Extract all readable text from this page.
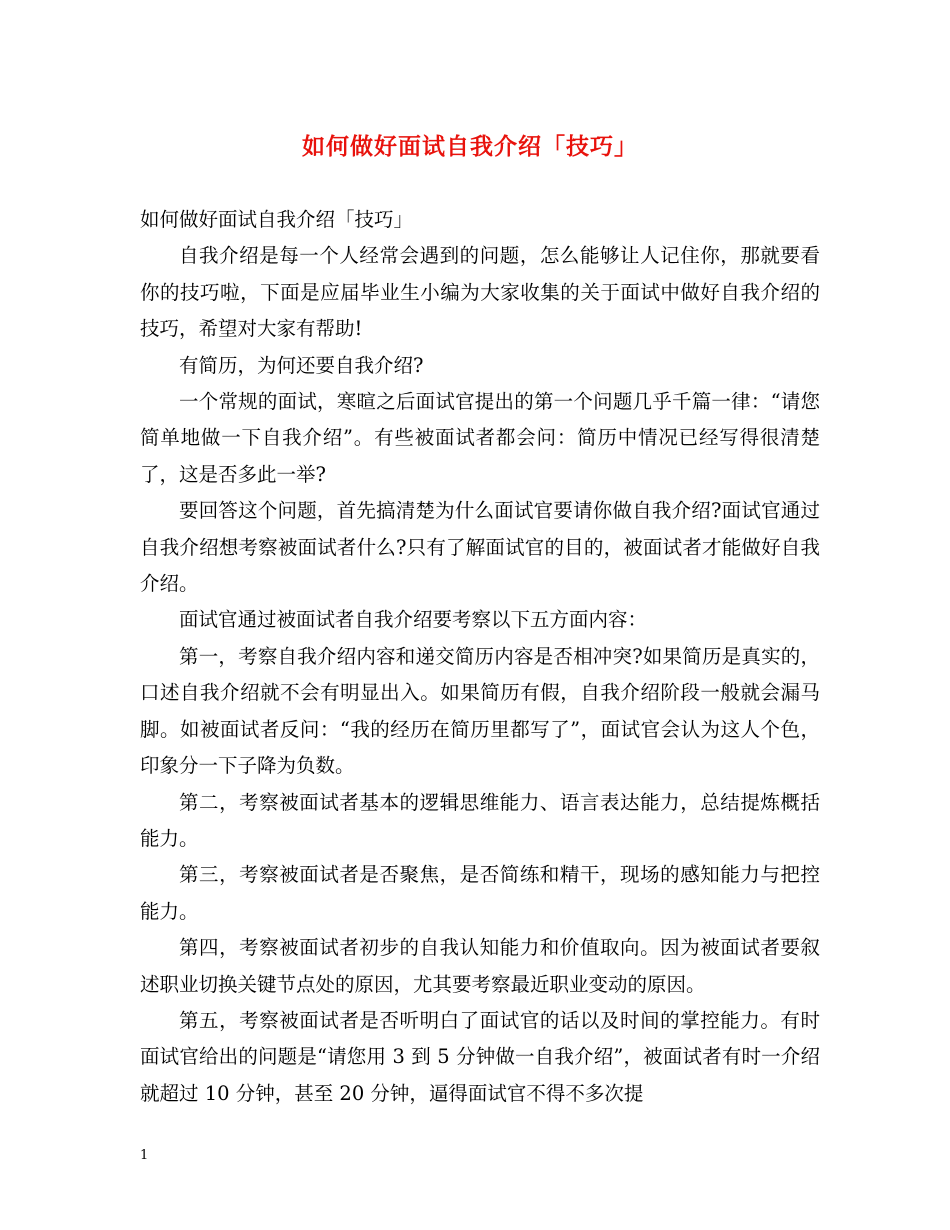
如何做好面试自我介绍「技巧」

如何做好面试自我介绍「技巧」

自我介绍是每一个人经常会遇到的问题，怎么能够让人记住你，那就要看你的技巧啦，下面是应届毕业生小编为大家收集的关于面试中做好自我介绍的技巧，希望对大家有帮助!

有简历，为何还要自我介绍?

一个常规的面试，寒暄之后面试官提出的第一个问题几乎千篇一律：“请您简单地做一下自我介绍”。有些被面试者都会问：简历中情况已经写得很清楚了，这是否多此一举?

要回答这个问题，首先搞清楚为什么面试官要请你做自我介绍?面试官通过自我介绍想考察被面试者什么?只有了解面试官的目的，被面试者才能做好自我介绍。

面试官通过被面试者自我介绍要考察以下五方面内容：

第一，考察自我介绍内容和递交简历内容是否相冲突?如果简历是真实的，口述自我介绍就不会有明显出入。如果简历有假，自我介绍阶段一般就会漏马脚。如被面试者反问：“我的经历在简历里都写了”，面试官会认为这人个色，印象分一下子降为负数。

第二，考察被面试者基本的逻辑思维能力、语言表达能力，总结提炼概括能力。

第三，考察被面试者是否聚焦，是否简练和精干，现场的感知能力与把控能力。

第四，考察被面试者初步的自我认知能力和价值取向。因为被面试者要叙述职业切换关键节点处的原因，尤其要考察最近职业变动的原因。

第五，考察被面试者是否听明白了面试官的话以及时间的掌控能力。有时面试官给出的问题是“请您用 3 到 5 分钟做一自我介绍”，被面试者有时一介绍就超过 10 分钟，甚至 20 分钟，逼得面试官不得不多次提

1
